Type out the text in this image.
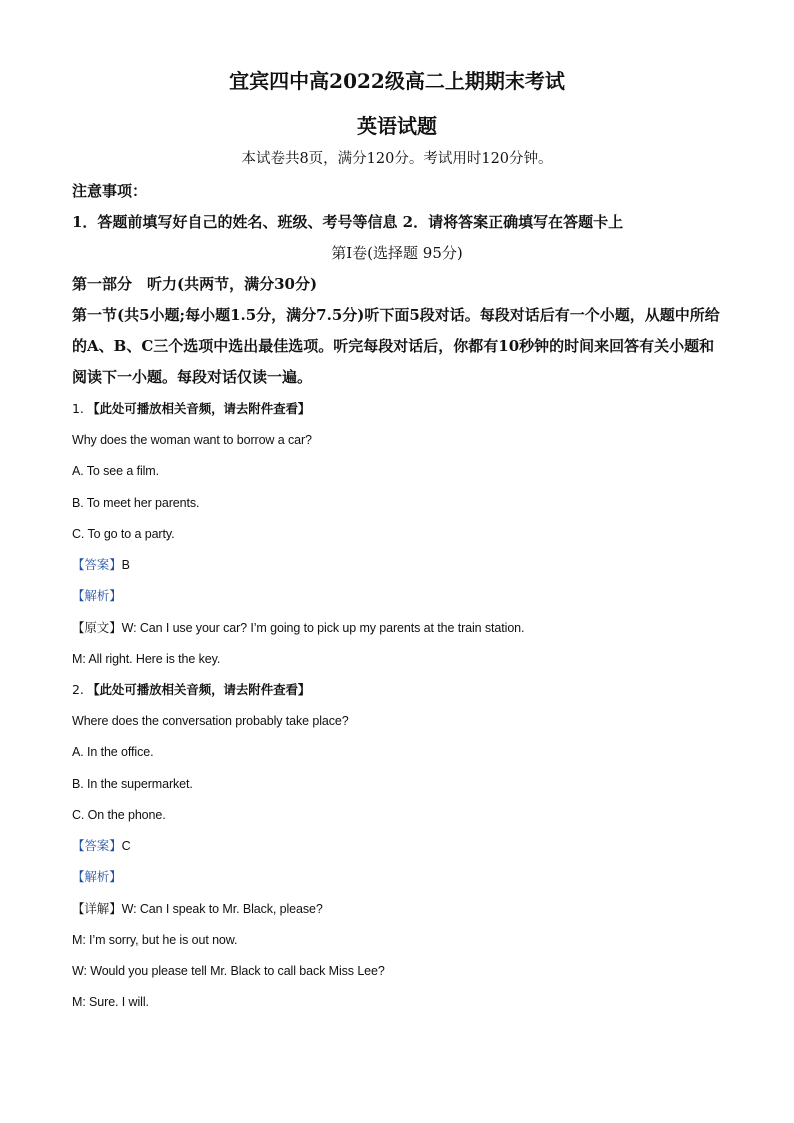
宜宾四中高2022级高二上期期末考试
英语试题
本试卷共8页，满分120分。考试用时120分钟。
注意事项：
1．答题前填写好自己的姓名、班级、考号等信息 2．请将答案正确填写在答题卡上
第I卷(选择题 95分)
第一部分　听力(共两节，满分30分)
第一节(共5小题;每小题1.5分，满分7.5分)听下面5段对话。每段对话后有一个小题，从题中所给的A、B、C三个选项中选出最佳选项。听完每段对话后，你都有10秒钟的时间来回答有关小题和阅读下一小题。每段对话仅读一遍。
1. 【此处可播放相关音频，请去附件查看】
Why does the woman want to borrow a car?
A. To see a film.
B. To meet her parents.
C. To go to a party.
【答案】B
【解析】
【原文】W: Can I use your car? I’m going to pick up my parents at the train station.
M: All right. Here is the key.
2. 【此处可播放相关音频，请去附件查看】
Where does the conversation probably take place?
A. In the office.
B. In the supermarket.
C. On the phone.
【答案】C
【解析】
【详解】W: Can I speak to Mr. Black, please?
M: I’m sorry, but he is out now.
W: Would you please tell Mr. Black to call back Miss Lee?
M: Sure. I will.
